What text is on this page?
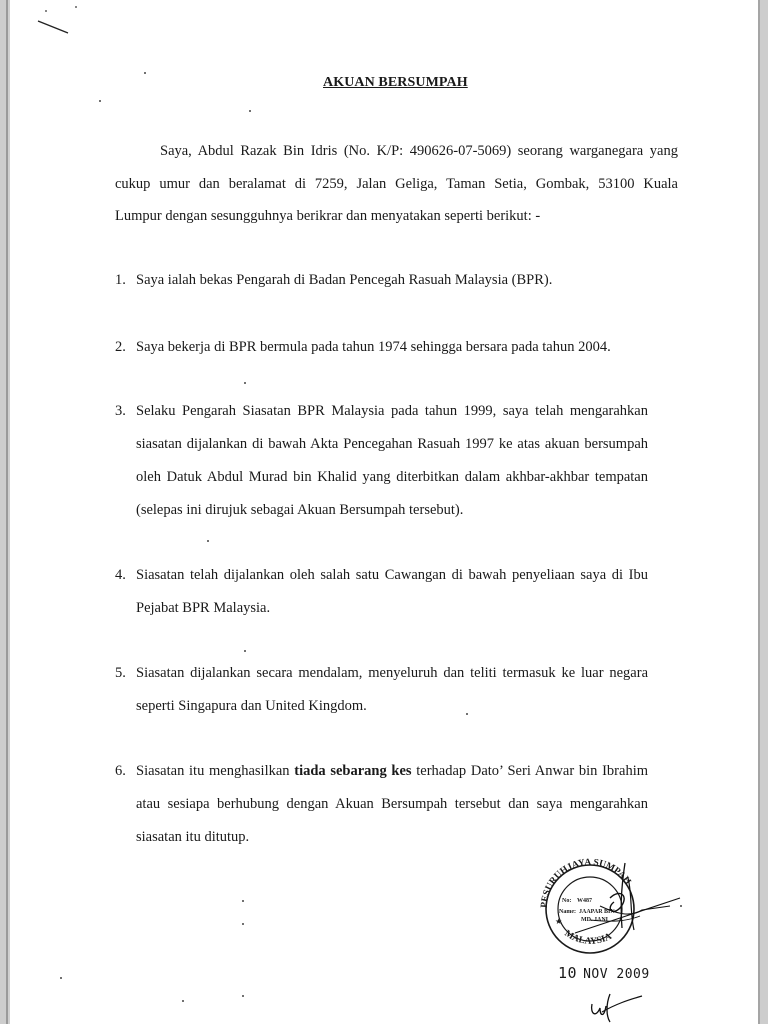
AKUAN BERSUMPAH
Saya, Abdul Razak Bin Idris (No. K/P: 490626-07-5069) seorang warganegara yang
cukup umur dan beralamat di 7259, Jalan Geliga, Taman Setia, Gombak, 53100 Kuala
Lumpur dengan sesungguhnya berikrar dan menyatakan seperti berikut: -
1. Saya ialah bekas Pengarah di Badan Pencegah Rasuah Malaysia (BPR).
2. Saya bekerja di BPR bermula pada tahun 1974 sehingga bersara pada tahun 2004.
3. Selaku Pengarah Siasatan BPR Malaysia pada tahun 1999, saya telah mengarahkan
siasatan dijalankan di bawah Akta Pencegahan Rasuah 1997 ke atas akuan bersumpah
oleh Datuk Abdul Murad bin Khalid yang diterbitkan dalam akhbar-akhbar tempatan
(selepas ini dirujuk sebagai Akuan Bersumpah tersebut).
4. Siasatan telah dijalankan oleh salah satu Cawangan di bawah penyeliaan saya di Ibu
Pejabat BPR Malaysia.
5. Siasatan dijalankan secara mendalam, menyeluruh dan teliti termasuk ke luar negara
seperti Singapura dan United Kingdom.
6. Siasatan itu menghasilkan tiada sebarang kes terhadap Dato’ Seri Anwar bin Ibrahim
atau sesiapa berhubung dengan Akuan Bersumpah tersebut dan saya mengarahkan
siasatan itu ditutup.
PESURUHJAYA SUMPAH
MALAYSIA
★
No: W487
Name: JAAPAR BIN
MD. JANI
10 NOV 2009
